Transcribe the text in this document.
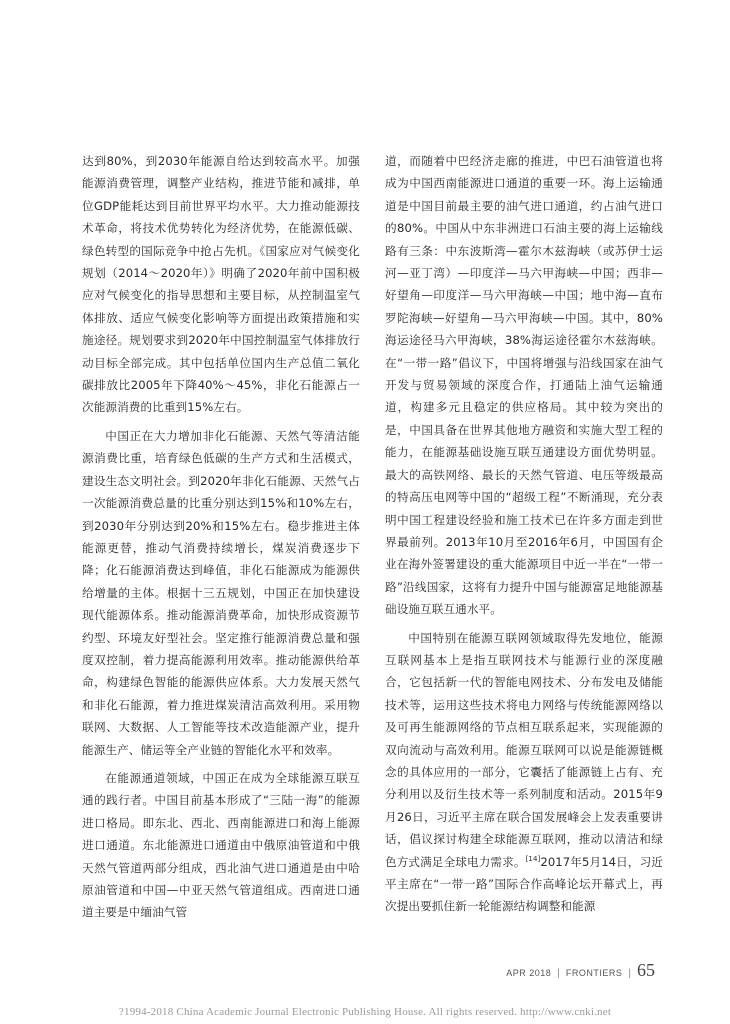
达到80%，到2030年能源自给达到较高水平。加强能源消费管理，调整产业结构，推进节能和减排，单位GDP能耗达到目前世界平均水平。大力推动能源技术革命，将技术优势转化为经济优势，在能源低碳、绿色转型的国际竞争中抢占先机。《国家应对气候变化规划（2014～2020年）》明确了2020年前中国积极应对气候变化的指导思想和主要目标，从控制温室气体排放、适应气候变化影响等方面提出政策措施和实施途径。规划要求到2020年中国控制温室气体排放行动目标全部完成。其中包括单位国内生产总值二氧化碳排放比2005年下降40%～45%，非化石能源占一次能源消费的比重到15%左右。

中国正在大力增加非化石能源、天然气等清洁能源消费比重，培育绿色低碳的生产方式和生活模式，建设生态文明社会。到2020年非化石能源、天然气占一次能源消费总量的比重分别达到15%和10%左右，到2030年分别达到20%和15%左右。稳步推进主体能源更替，推动气消费持续增长，煤炭消费逐步下降；化石能源消费达到峰值，非化石能源成为能源供给增量的主体。根据十三五规划，中国正在加快建设现代能源体系。推动能源消费革命，加快形成资源节约型、环境友好型社会。坚定推行能源消费总量和强度双控制，着力提高能源利用效率。推动能源供给革命，构建绿色智能的能源供应体系。大力发展天然气和非化石能源，着力推进煤炭清洁高效利用。采用物联网、大数据、人工智能等技术改造能源产业，提升能源生产、储运等全产业链的智能化水平和效率。

在能源通道领域，中国正在成为全球能源互联互通的践行者。中国目前基本形成了“三陆一海”的能源进口格局。即东北、西北、西南能源进口和海上能源进口通道。东北能源进口通道由中俄原油管道和中俄天然气管道两部分组成，西北油气进口通道是由中哈原油管道和中国—中亚天然气管道组成。西南进口通道主要是中缅油气管

道，而随着中巴经济走廊的推进，中巴石油管道也将成为中国西南能源进口通道的重要一环。海上运输通道是中国目前最主要的油气进口通道，约占油气进口的80%。中国从中东非洲进口石油主要的海上运输线路有三条：中东波斯湾—霍尔木兹海峡（或苏伊士运河—亚丁湾）—印度洋—马六甲海峡—中国；西非—好望角—印度洋—马六甲海峡—中国；地中海—直布罗陀海峡—好望角—马六甲海峡—中国。其中，80%海运途径马六甲海峡，38%海运途径霍尔木兹海峡。在“一带一路”倡议下，中国将增强与沿线国家在油气开发与贸易领域的深度合作，打通陆上油气运输通道，构建多元且稳定的供应格局。其中较为突出的是，中国具备在世界其他地方融资和实施大型工程的能力，在能源基础设施互联互通建设方面优势明显。最大的高铁网络、最长的天然气管道、电压等级最高的特高压电网等中国的“超级工程”不断涌现，充分表明中国工程建设经验和施工技术已在许多方面走到世界最前列。2013年10月至2016年6月，中国国有企业在海外签署建设的重大能源项目中近一半在“一带一路”沿线国家，这将有力提升中国与能源富足地能源基础设施互联互通水平。

中国特别在能源互联网领域取得先发地位，能源互联网基本上是指互联网技术与能源行业的深度融合，它包括新一代的智能电网技术、分布发电及储能技术等，运用这些技术将电力网络与传统能源网络以及可再生能源网络的节点相互联系起来，实现能源的双向流动与高效利用。能源互联网可以说是能源链概念的具体应用的一部分，它囊括了能源链上占有、充分利用以及衍生技术等一系列制度和活动。2015年9月26日，习近平主席在联合国发展峰会上发表重要讲话，倡议探讨构建全球能源互联网，推动以清洁和绿色方式满足全球电力需求。[14]2017年5月14日，习近平主席在“一带一路”国际合作高峰论坛开幕式上，再次提出要抓住新一轮能源结构调整和能源

APR 2018 | FRONTIERS | 65
?1994-2018 China Academic Journal Electronic Publishing House. All rights reserved. http://www.cnki.net
